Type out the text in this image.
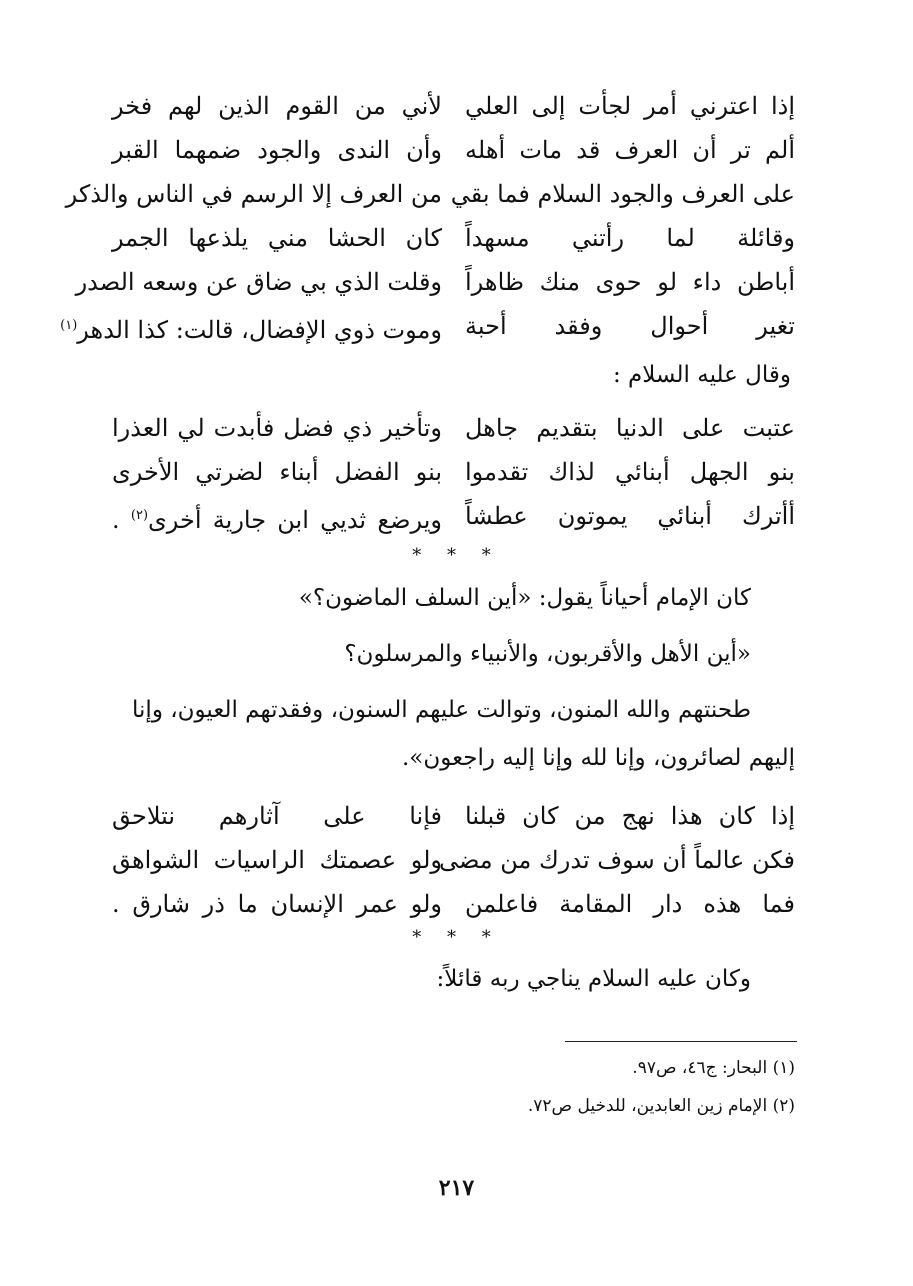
إذا اعترني أمر لجأت إلى العلي
ألم تر أن العرف قد مات أهله
على العرف والجود السلام فما بقي
وقائلة لما رأتني مسهداً
أباطن داء لو حوى منك ظاهراً
تغير أحوال وفقد أحبة
لأني من القوم الذين لهم فخر
وأن الندى والجود ضمهما القبر
من العرف إلا الرسم في الناس والذكر
كان الحشا مني يلذعها الجمر
وقلت الذي بي ضاق عن وسعه الصدر
وموت ذوي الإفضال، قالت: كذا الدهر$^{(١)}$
وقال عليه السلام :
عتبت على الدنيا بتقديم جاهل
بنو الجهل أبنائي لذاك تقدموا
أأترك أبنائي يموتون عطشاً
وتأخير ذي فضل فأبدت لي العذرا
بنو الفضل أبناء لضرتي الأخرى
ويرضع ثديي ابن جارية أخرى$^{(٢)}$ .
* * *
كان الإمام أحياناً يقول: «أين السلف الماضون؟»
«أين الأهل والأقربون، والأنبياء والمرسلون؟
طحنتهم والله المنون، وتوالت عليهم السنون، وفقدتهم العيون، وإنا
إليهم لصائرون، وإنا لله وإنا إليه راجعون».
إذا كان هذا نهج من كان قبلنا
فكن عالماً أن سوف تدرك من مضى
فما هذه دار المقامة فاعلمن
فإنا على آثارهم نتلاحق
ولو عصمتك الراسيات الشواهق
ولو عمر الإنسان ما ذر شارق .
* * *
وكان عليه السلام يناجي ربه قائلاً:
(١) البحار: ج٤٦، ص٩٧.
(٢) الإمام زين العابدين، للدخيل ص٧٢.
٢١٧
